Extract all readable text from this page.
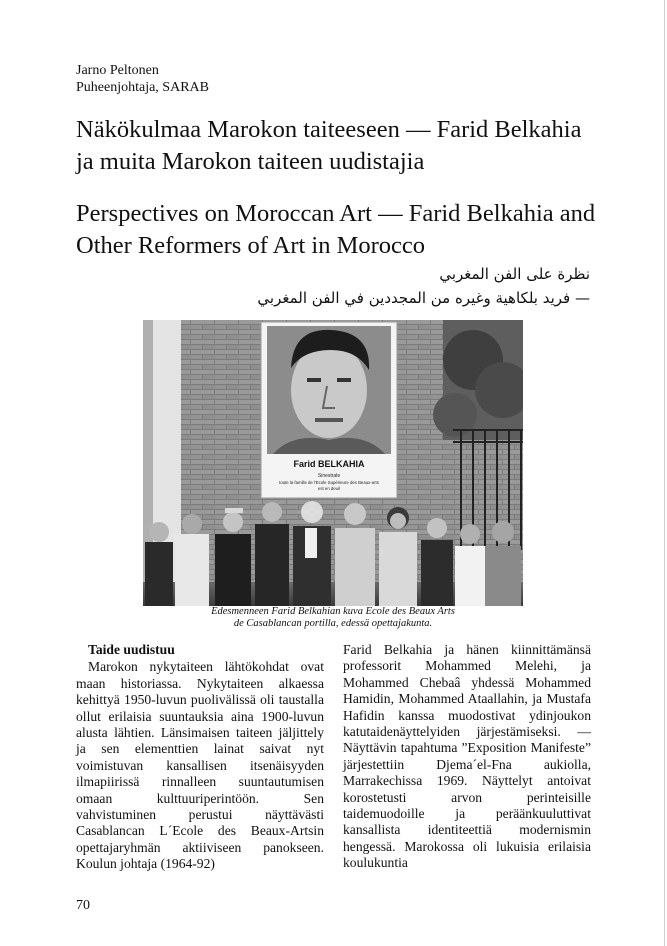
Jarno Peltonen
Puheenjohtaja, SARAB
Näkökulmaa Marokon taiteeseen — Farid Belkahia ja muita Marokon taiteen uudistajia
Perspectives on Moroccan Art — Farid Belkahia and Other Reformers of Art in Morocco
نظرة على الفن المغربي
— فريد بلكاهية وغيره من المجددين في الفن المغربي
Farid BELKAHIA
Sinestrale
toute la famille de l'Ecole Supérieure des Beaux-arts
est en deuil
Edesmenneen Farid Belkahian kuva Ecole des Beaux Arts
de Casablancan portilla, edessä opettajakunta.
Taide uudistuu

Marokon nykytaiteen lähtökohdat ovat maan historiassa. Nykytaiteen alkaessa kehittyä 1950-luvun puolivälissä oli taustalla ollut erilaisia suuntauksia aina 1900-luvun alusta lähtien. Länsimaisen taiteen jäljittely ja sen elementtien lainat saivat nyt voimistuvan kansallisen itsenäisyyden ilmapiirissä rinnalleen suuntautumisen omaan kulttuuriperintöön. Sen vahvistuminen perustui näyttävästi Casablancan L´Ecole des Beaux-Artsin opettajaryhmän aktiiviseen panokseen. Koulun johtaja (1964-92)

Farid Belkahia ja hänen kiinnittämänsä professorit Mohammed Melehi, ja Mohammed Chebaâ yhdessä Mohammed Hamidin, Mohammed Ataallahin, ja Mustafa Hafidin kanssa muodostivat ydinjoukon katutaidenäyttelyiden järjestämiseksi. — Näyttävin tapahtuma ”Exposition Manifeste” järjestettiin Djema´el-Fna aukiolla, Marrakechissa 1969. Näyttelyt antoivat korostetusti arvon perinteisille taidemuodoille ja peräänkuuluttivat kansallista identiteettiä modernismin hengessä. Marokossa oli lukuisia erilaisia koulukuntia

70
